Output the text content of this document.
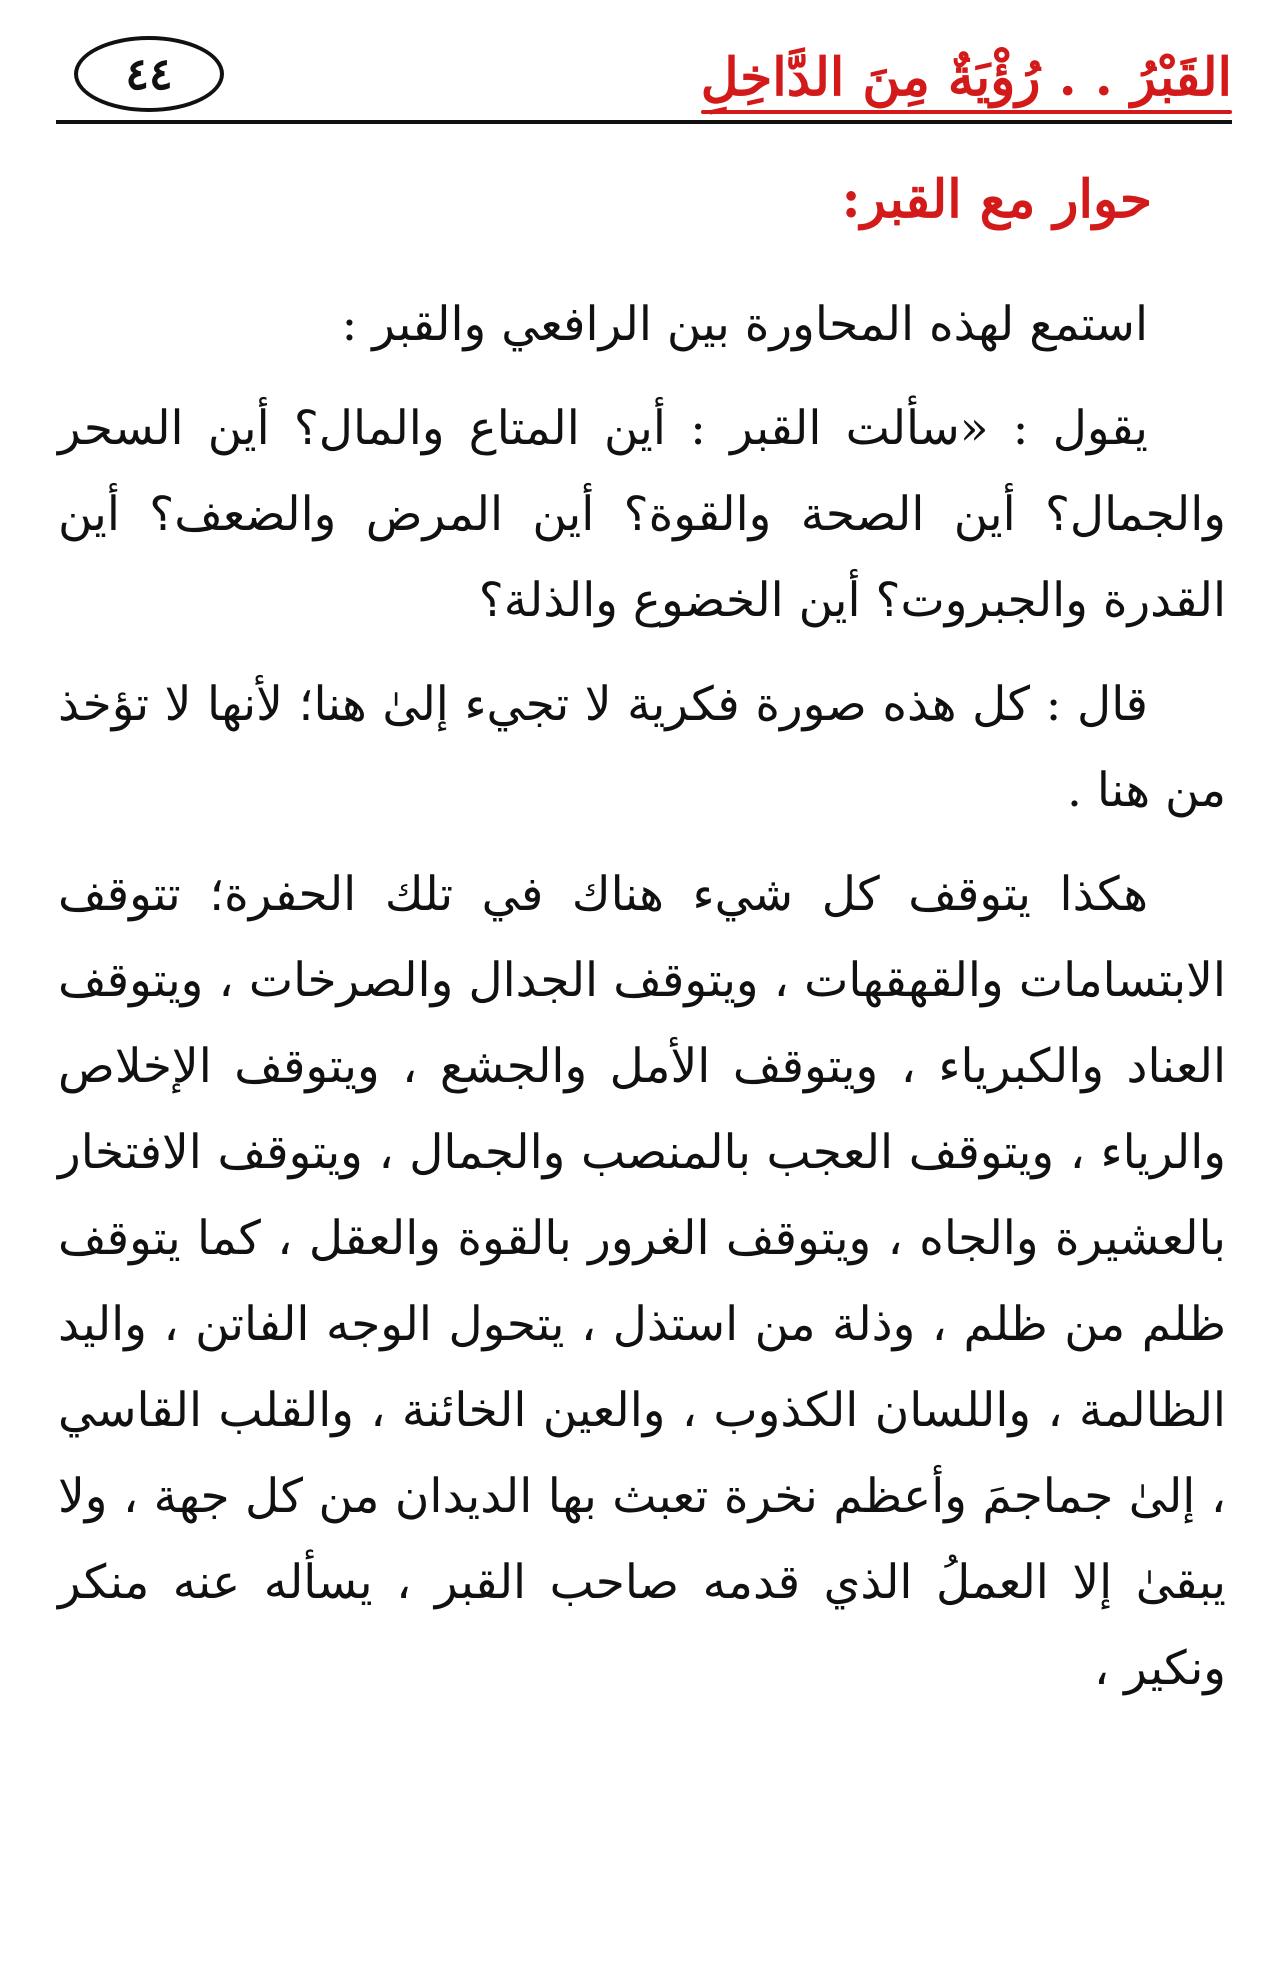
٤٤	القَبْرُ . . رُؤْيَةٌ مِنَ الدَّاخِلِ
حوار مع القبر:

استمع لهذه المحاورة بين الرافعي والقبر :

يقول : «سألت القبر : أين المتاع والمال؟ أين السحر والجمال؟ أين الصحة والقوة؟ أين المرض والضعف؟ أين القدرة والجبروت؟ أين الخضوع والذلة؟

قال : كل هذه صورة فكرية لا تجيء إلىٰ هنا؛ لأنها لا تؤخذ من هنا .

هكذا يتوقف كل شيء هناك في تلك الحفرة؛ تتوقف الابتسامات والقهقهات ، ويتوقف الجدال والصرخات ، ويتوقف العناد والكبرياء ، ويتوقف الأمل والجشع ، ويتوقف الإخلاص والرياء ، ويتوقف العجب بالمنصب والجمال ، ويتوقف الافتخار بالعشيرة والجاه ، ويتوقف الغرور بالقوة والعقل ، كما يتوقف ظلم من ظلم ، وذلة من استذل ، يتحول الوجه الفاتن ، واليد الظالمة ، واللسان الكذوب ، والعين الخائنة ، والقلب القاسي ، إلىٰ جماجمَ وأعظم نخرة تعبث بها الديدان من كل جهة ، ولا يبقىٰ إلا العملُ الذي قدمه صاحب القبر ، يسأله عنه منكر ونكير ،
